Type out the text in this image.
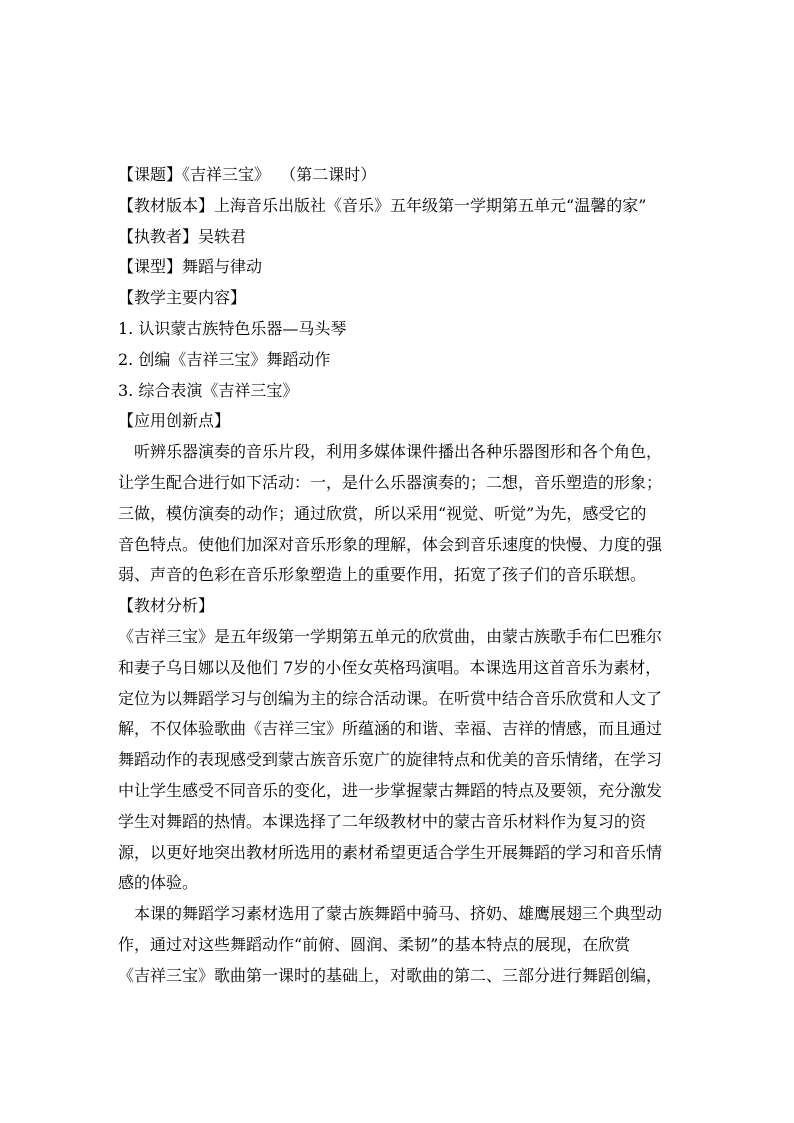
【课题】《吉祥三宝》  （第二课时）

【教材版本】上海音乐出版社《音乐》五年级第一学期第五单元“温馨的家”

【执教者】吴轶君

【课型】舞蹈与律动

【教学主要内容】

1. 认识蒙古族特色乐器—马头琴

2. 创编《吉祥三宝》舞蹈动作

3. 综合表演《吉祥三宝》

【应用创新点】

听辨乐器演奏的音乐片段，利用多媒体课件播出各种乐器图形和各个角色，

让学生配合进行如下活动：一，是什么乐器演奏的；二想，音乐塑造的形象；

三做，模仿演奏的动作；通过欣赏，所以采用“视觉、听觉”为先，感受它的

音色特点。使他们加深对音乐形象的理解，体会到音乐速度的快慢、力度的强

弱、声音的色彩在音乐形象塑造上的重要作用，拓宽了孩子们的音乐联想。

【教材分析】

《吉祥三宝》是五年级第一学期第五单元的欣赏曲，由蒙古族歌手布仁巴雅尔

和妻子乌日娜以及他们 7岁的小侄女英格玛演唱。本课选用这首音乐为素材，

定位为以舞蹈学习与创编为主的综合活动课。在听赏中结合音乐欣赏和人文了

解，不仅体验歌曲《吉祥三宝》所蕴涵的和谐、幸福、吉祥的情感，而且通过

舞蹈动作的表现感受到蒙古族音乐宽广的旋律特点和优美的音乐情绪，在学习

中让学生感受不同音乐的变化，进一步掌握蒙古舞蹈的特点及要领，充分激发

学生对舞蹈的热情。本课选择了二年级教材中的蒙古音乐材料作为复习的资

源，以更好地突出教材所选用的素材希望更适合学生开展舞蹈的学习和音乐情

感的体验。

本课的舞蹈学习素材选用了蒙古族舞蹈中骑马、挤奶、雄鹰展翅三个典型动

作，通过对这些舞蹈动作“前俯、圆润、柔韧”的基本特点的展现，在欣赏

《吉祥三宝》歌曲第一课时的基础上，对歌曲的第二、三部分进行舞蹈创编，
